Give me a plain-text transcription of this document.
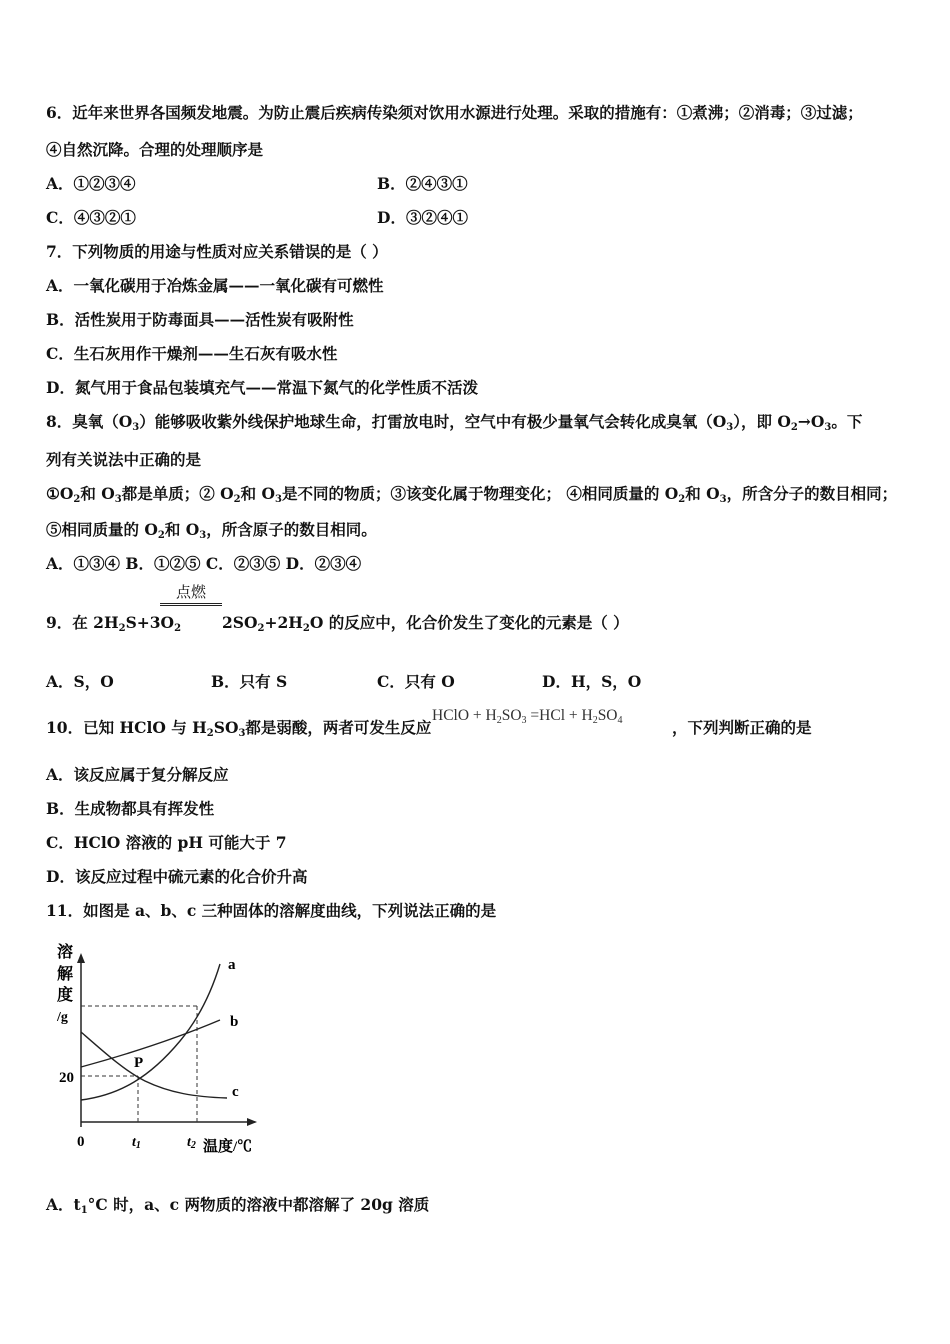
6．近年来世界各国频发地震。为防止震后疾病传染须对饮用水源进行处理。采取的措施有：①煮沸；②消毒；③过滤；
④自然沉降。合理的处理顺序是
A．①②③④	B．②④③①
C．④③②①	D．③②④①
7．下列物质的用途与性质对应关系错误的是（ ）
A．一氧化碳用于冶炼金属——一氧化碳有可燃性
B．活性炭用于防毒面具——活性炭有吸附性
C．生石灰用作干燥剂——生石灰有吸水性
D．氮气用于食品包装填充气——常温下氮气的化学性质不活泼
8．臭氧$(O_3)$能够吸收紫外线保护地球生命，打雷放电时，空气中有极少量氧气会转化成臭氧$(O_3)$，即 $O_2\to O_3$。下
列有关说法中正确的是
$①O_2$和 $O_3$都是单质；② $O_2$和 $O_3$是不同的物质；③该变化属于物理变化； ④相同质量的 $O_2$和 $O_3$，所含分子的数目相同；
⑤相同质量的 $O_2$和 $O_3$，所含原子的数目相同。
A．①③④ B．①②⑤ C．②③⑤ D．②③④
点燃
9．在 $2H_2S+3O_2$	$2SO_2+2H_2O$ 的反应中，化合价发生了变化的元素是（ ）
A．S，O	B．只有 S	C．只有 O	D．H，S，O
10．已知 HClO 与 $H_2SO_3$都是弱酸，两者可发生反应
HClO + $H_2SO_3 =HCl + H_2SO_4$	，下列判断正确的是
A．该反应属于复分解反应
B．生成物都具有挥发性
C．HClO 溶液的 pH 可能大于 7
D．该反应过程中硫元素的化合价升高
11．如图是 a、b、c 三种固体的溶解度曲线，下列说法正确的是
溶
解
度
/g
a
b
c
P
20
0	t1	t2 温度/℃
A．$t_1^\circ C$ 时，a、c 两物质的溶液中都溶解了 20g 溶质
